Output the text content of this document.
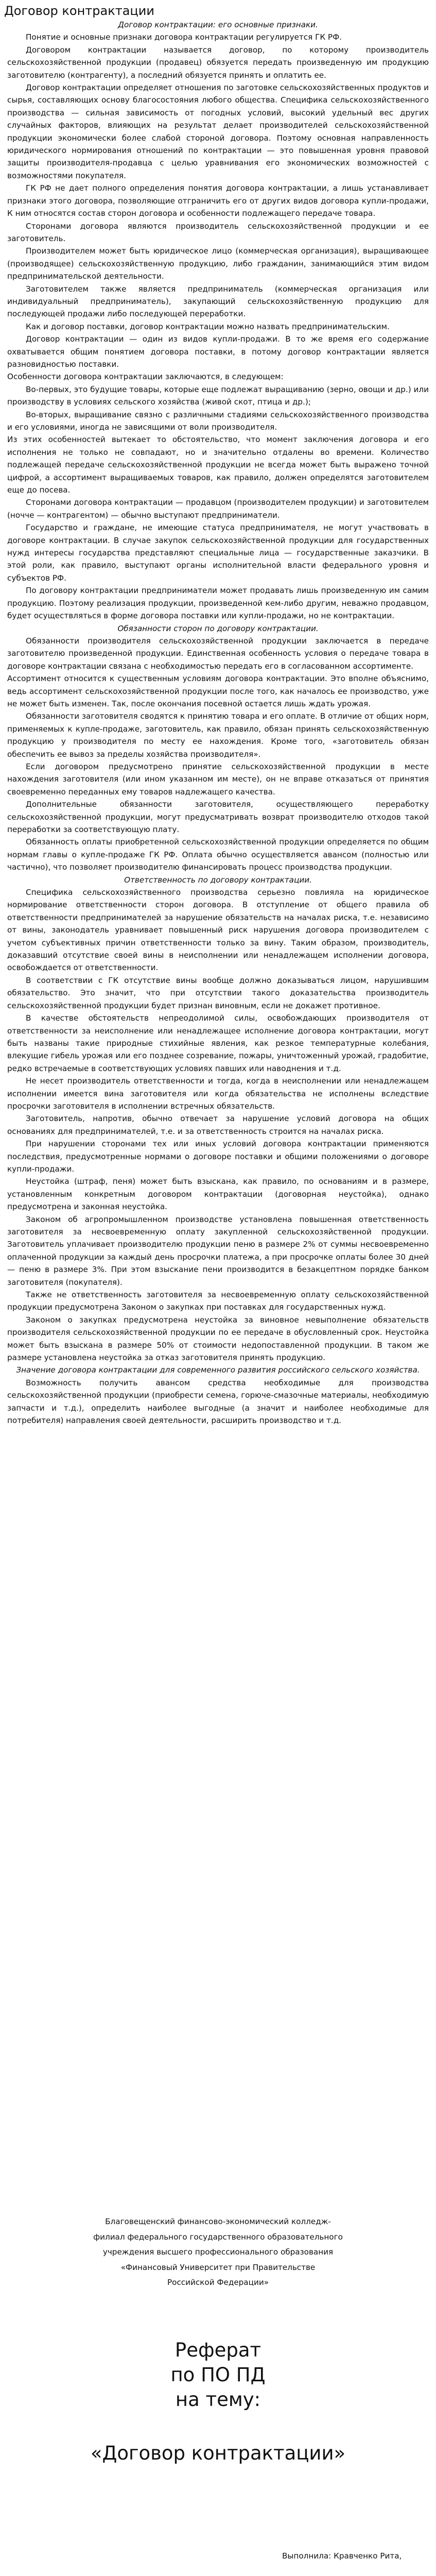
Договор контрактации

Договор контрактации: его основные признаки.

Понятие и основные признаки договора контрактации регулируется ГК РФ.

Договором контрактации называется договор, по которому производитель сельскохозяйственной продукции (продавец) обязуется передать произведенную им продукцию заготовителю (контрагенту), а последний обязуется принять и оплатить ее.

Договор контрактации определяет отношения по заготовке сельскохозяйственных продуктов и сырья, составляющих основу благосостояния любого общества. Специфика сельскохозяйственного производства — сильная зависимость от погодных условий, высокий удельный вес других случайных факторов, влияющих на результат делает производителей сельскохозяйственной продукции экономически более слабой стороной договора. Поэтому основная направленность юридического нормирования отношений по контрактации — это повышенная уровня правовой защиты производителя-продавца с целью уравнивания его экономических возможностей с возможностями покупателя.

ГК РФ не дает полного определения понятия договора контрактации, а лишь устанавливает признаки этого договора, позволяющие отграничить его от других видов договора купли-продажи, К ним относятся состав сторон договора и особенности подлежащего передаче товара.

Сторонами договора являются производитель сельскохозяйственной продукции и ее заготовитель.

Производителем может быть юридическое лицо (коммерческая организация), выращивающее (производящее) сельскохозяйственную продукцию, либо гражданин, занимающийся этим видом предпринимательской деятельности.

Заготовителем также является предприниматель (коммерческая организация или индивидуальный предприниматель), закупающий сельскохозяйственную продукцию для последующей продажи либо последующей переработки.

Как и договор поставки, договор контрактации можно назвать предпринимательским.

Договор контрактации — один из видов купли-продажи. В то же время его содержание охватывается общим понятием договора поставки, в потому договор контрактации является разновидностью поставки.

Особенности договора контрактации заключаются, в следующем:

Во-первых, это будущие товары, которые еще подлежат выращиванию (зерно, овощи и др.) или производству в условиях сельского хозяйства (живой скот, птица и др.);

Во-вторых, выращивание связно с различными стадиями сельскохозяйственного производства и его условиями, иногда не зависящими от воли производителя.

Из этих особенностей вытекает то обстоятельство, что момент заключения договора и его исполнения не только не совпадают, но и значительно отдалены во времени. Количество подлежащей передаче сельскохозяйственной продукции не всегда может быть выражено точной цифрой, а ассортимент выращиваемых товаров, как правило, должен определятся заготовителем еще до посева.

Сторонами договора контрактации — продавцом (производителем продукции) и заготовителем (ночче — контрагентом) — обычно выступают предприниматели.

Государство и граждане, не имеющие статуса предпринимателя, не могут участвовать в договоре контрактации. В случае закупок сельскохозяйственной продукции для государственных нужд интересы государства представляют специальные лица — государственные заказчики. В этой роли, как правило, выступают органы исполнительной власти федерального уровня и субъектов РФ.

По договору контрактации предприниматели может продавать лишь произведенную им самим продукцию. Поэтому реализация продукции, произведенной кем-либо другим, неважно продавцом, будет осуществляться в форме договора поставки или купли-продажи, но не контрактации.

Обязанности сторон по договору контрактации.

Обязанности производителя сельскохозяйственной продукции заключается в передаче заготовителю произведенной продукции. Единственная особенность условия о передаче товара в договоре контрактации связана с необходимостью передать его в согласованном ассортименте.

Ассортимент относится к существенным условиям договора контрактации. Это вполне объяснимо, ведь ассортимент сельскохозяйственной продукции после того, как началось ее производство, уже не может быть изменен. Так, после окончания посевной остается лишь ждать урожая.

Обязанности заготовителя сводятся к принятию товара и его оплате. В отличие от общих норм, применяемых к купле-продаже, заготовитель, как правило, обязан принять сельскохозяйственную продукцию у производителя по месту ее нахождения. Кроме того, «заготовитель обязан обеспечить ее вывоз за пределы хозяйства производителя».

Если договором предусмотрено принятие сельскохозяйственной продукции в месте нахождения заготовителя (или ином указанном им месте), он не вправе отказаться от принятия своевременно переданных ему товаров надлежащего качества.

Дополнительные обязанности заготовителя, осуществляющего переработку сельскохозяйственной продукции, могут предусматривать возврат производителю отходов такой переработки за соответствующую плату.

Обязанность оплаты приобретенной сельскохозяйственной продукции определяется по общим нормам главы о купле-продаже ГК РФ. Оплата обычно осуществляется авансом (полностью или частично), что позволяет производителю финансировать процесс производства продукции.

Ответственность по договору контрактации.

Специфика сельскохозяйственного производства серьезно повлияла на юридическое нормирование ответственности сторон договора. В отступление от общего правила об ответственности предпринимателей за нарушение обязательств на началах риска, т.е. независимо от вины, законодатель уравнивает повышенный риск нарушения договора производителем с учетом субъективных причин ответственности только за вину. Таким образом, производитель, доказавший отсутствие своей вины в неисполнении или ненадлежащем исполнении договора, освобождается от ответственности.

В соответствии с ГК отсутствие вины вообще должно доказываться лицом, нарушившим обязательство. Это значит, что при отсутствии такого доказательства производитель сельскохозяйственной продукции будет признан виновным, если не докажет противное.

В качестве обстоятельств непреодолимой силы, освобождающих производителя от ответственности за неисполнение или ненадлежащее исполнение договора контрактации, могут быть названы такие природные стихийные явления, как резкое температурные колебания, влекущие гибель урожая или его позднее созревание, пожары, уничтоженный урожай, градобитие, редко встречаемые в соответствующих условиях павших или наводнения и т.д.

Не несет производитель ответственности и тогда, когда в неисполнении или ненадлежащем исполнении имеется вина заготовителя или когда обязательства не исполнены вследствие просрочки заготовителя в исполнении встречных обязательств.

Заготовитель, напротив, обычно отвечает за нарушение условий договора на общих основаниях для предпринимателей, т.е. и за ответственность строится на началах риска.

При нарушении сторонами тех или иных условий договора контрактации применяются последствия, предусмотренные нормами о договоре поставки и общими положениями о договоре купли-продажи.

Неустойка (штраф, пеня) может быть взыскана, как правило, по основаниям и в размере, установленным конкретным договором контрактации (договорная неустойка), однако предусмотрена и законная неустойка.

Законом об агропромышленном производстве установлена повышенная ответственность заготовителя за несвоевременную оплату закупленной сельскохозяйственной продукции. Заготовитель уплачивает производителю продукции пеню в размере 2% от суммы несвоевременно оплаченной продукции за каждый день просрочки платежа, а при просрочке оплаты более 30 дней — пеню в размере 3%. При этом взыскание пени производится в безакцептном порядке банком заготовителя (покупателя).

Также не ответственность заготовителя за несвоевременную оплату сельскохозяйственной продукции предусмотрена Законом о закупках при поставках для государственных нужд.

Законом о закупках предусмотрена неустойка за виновное невыполнение обязательств производителя сельскохозяйственной продукции по ее передаче в обусловленный срок. Неустойка может быть взыскана в размере 50% от стоимости недопоставленной продукции. В таком же размере установлена неустойка за отказ заготовителя принять продукцию.

Значение договора контрактации для современного развития российского сельского хозяйства.

Возможность получить авансом средства необходимые для производства сельскохозяйственной продукции (приобрести семена, горюче-смазочные материалы, необходимую запчасти и т.д.), определить наиболее выгодные (а значит и наиболее необходимые для потребителя) направления своей деятельности, расширить производство и т.д.

Благовещенский финансово-экономический колледж-
филиал федерального государственного образовательного
учреждения высшего профессионального образования
«Финансовый Университет при Правительстве
Российской Федерации»
Реферат
по ПО ПД
на тему:
«Договор контрактации»
Выполнила: Кравченко Рита,
